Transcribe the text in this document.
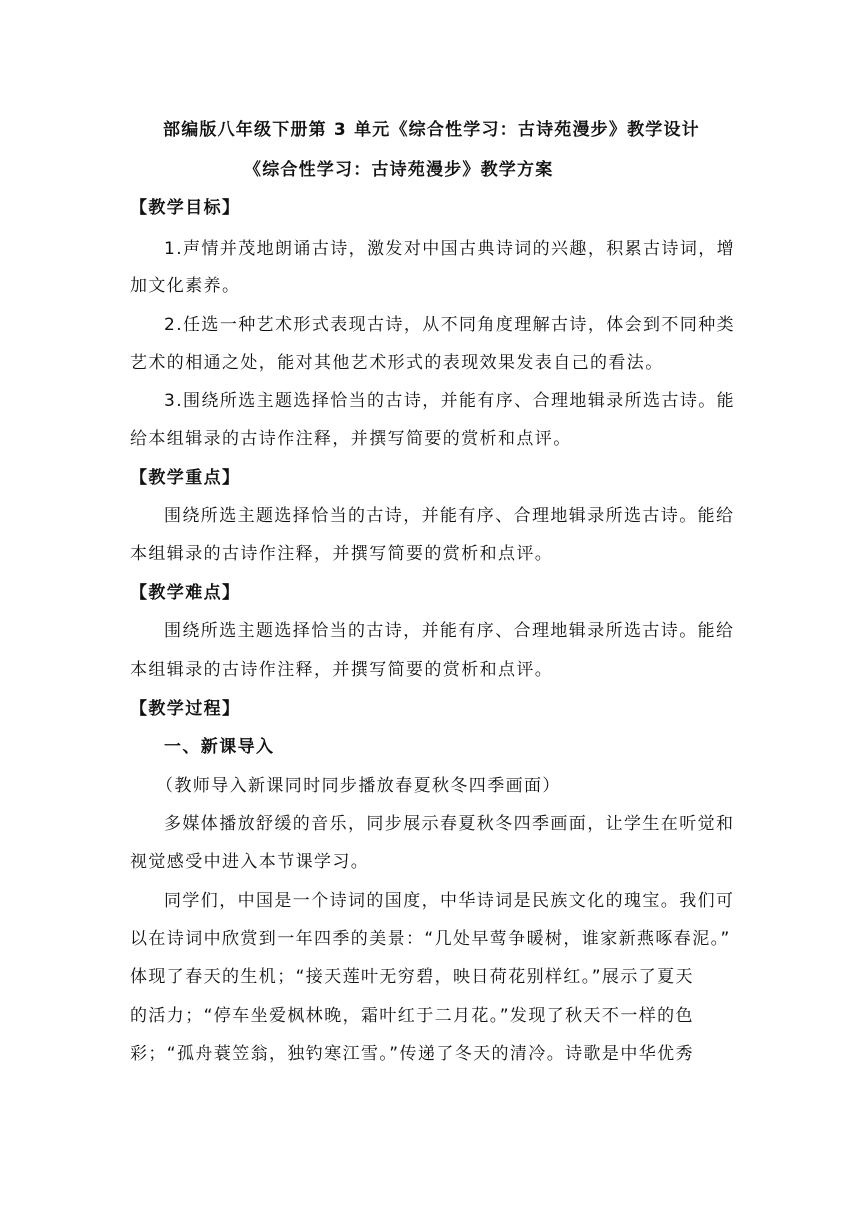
部编版八年级下册第 3 单元《综合性学习：古诗苑漫步》教学设计
《综合性学习：古诗苑漫步》教学方案
【教学目标】
1.声情并茂地朗诵古诗，激发对中国古典诗词的兴趣，积累古诗词，增
加文化素养。
2.任选一种艺术形式表现古诗，从不同角度理解古诗，体会到不同种类
艺术的相通之处，能对其他艺术形式的表现效果发表自己的看法。
3.围绕所选主题选择恰当的古诗，并能有序、合理地辑录所选古诗。能
给本组辑录的古诗作注释，并撰写简要的赏析和点评。
【教学重点】
围绕所选主题选择恰当的古诗，并能有序、合理地辑录所选古诗。能给
本组辑录的古诗作注释，并撰写简要的赏析和点评。
【教学难点】
围绕所选主题选择恰当的古诗，并能有序、合理地辑录所选古诗。能给
本组辑录的古诗作注释，并撰写简要的赏析和点评。
【教学过程】
一、新课导入
（教师导入新课同时同步播放春夏秋冬四季画面）
多媒体播放舒缓的音乐，同步展示春夏秋冬四季画面，让学生在听觉和
视觉感受中进入本节课学习。
同学们，中国是一个诗词的国度，中华诗词是民族文化的瑰宝。我们可
以在诗词中欣赏到一年四季的美景：“几处早莺争暖树，谁家新燕啄春泥。”
体现了春天的生机；“接天莲叶无穷碧，映日荷花别样红。”展示了夏天
的活力；“停车坐爱枫林晚，霜叶红于二月花。”发现了秋天不一样的色
彩；“孤舟蓑笠翁，独钓寒江雪。”传递了冬天的清冷。诗歌是中华优秀
